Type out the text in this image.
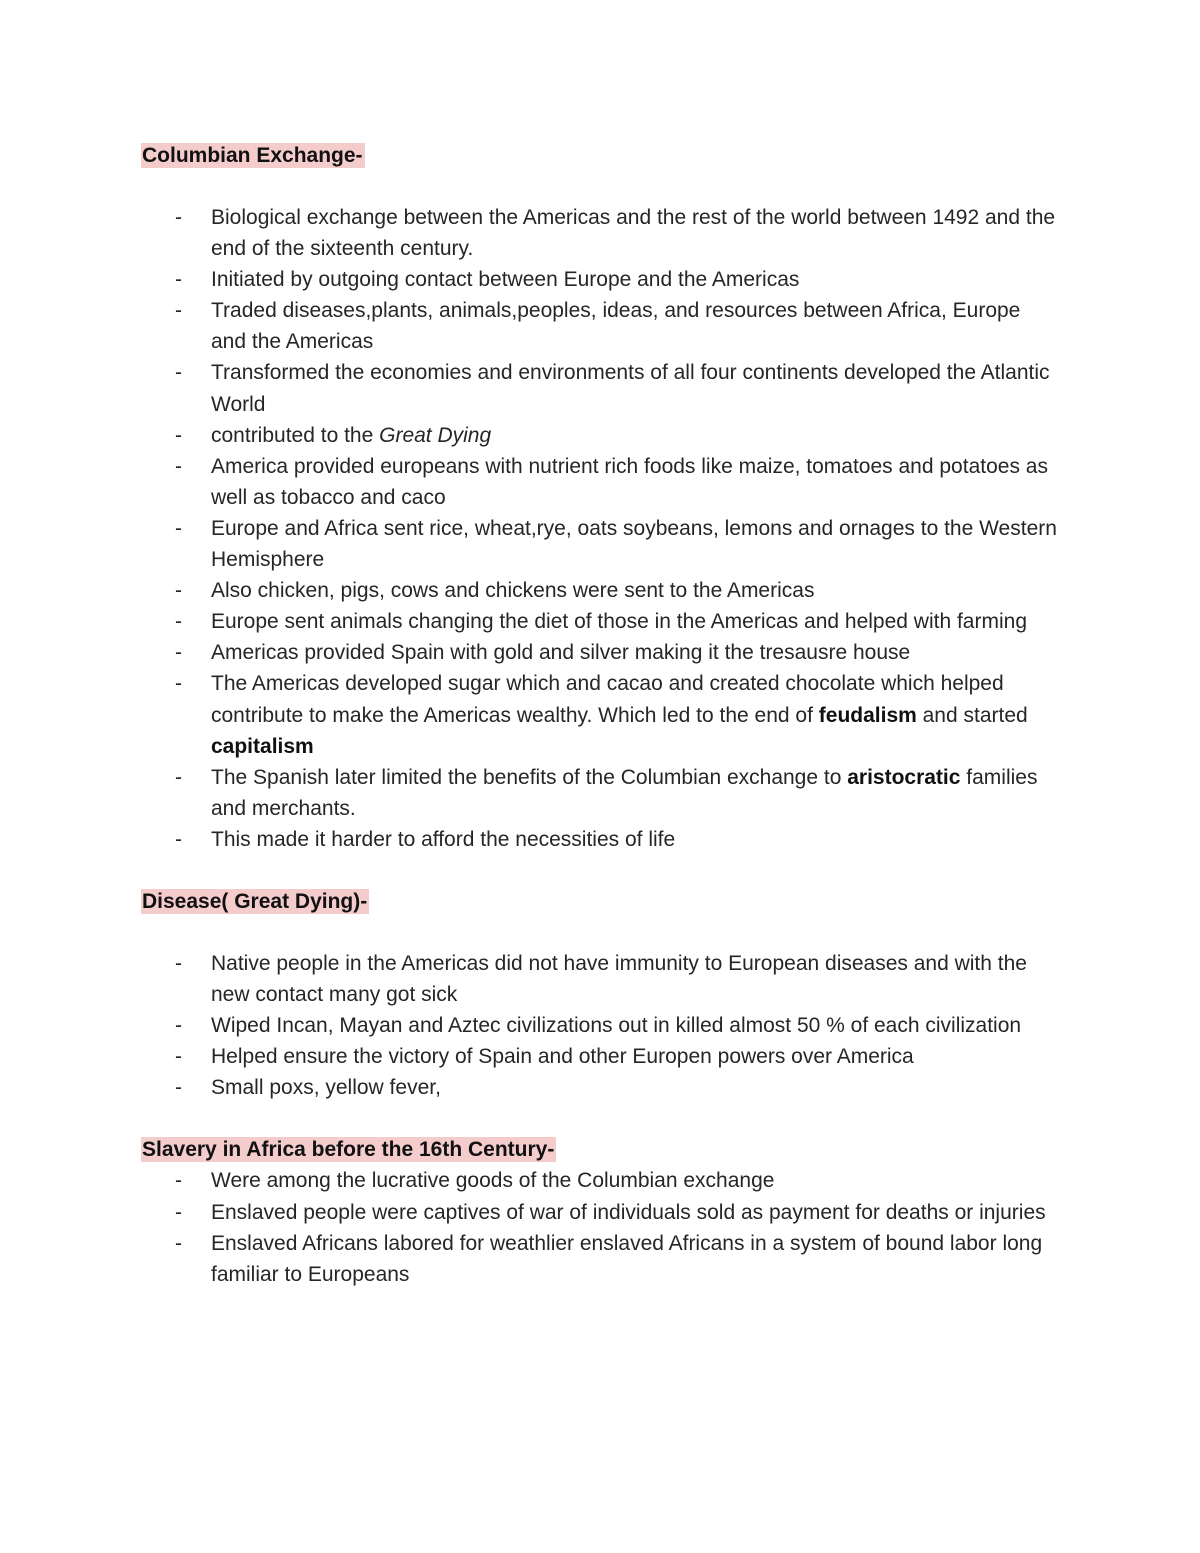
Columbian Exchange-
- Biological exchange between the Americas and the rest of the world between 1492 and the end of the sixteenth century.
- Initiated by outgoing contact between Europe and the Americas
- Traded diseases,plants, animals,peoples, ideas, and resources between Africa, Europe and the Americas
- Transformed the economies and environments of all four continents developed the Atlantic World
- contributed to the Great Dying
- America provided europeans with nutrient rich foods like maize, tomatoes and potatoes as well as tobacco and caco
- Europe and Africa sent rice, wheat,rye, oats soybeans, lemons and ornages to the Western Hemisphere
- Also chicken, pigs, cows and chickens were sent to the Americas
- Europe sent animals changing the diet of those in the Americas and helped with farming
- Americas provided Spain with gold and silver making it the tresausre house
- The Americas developed sugar which and cacao and created chocolate which helped contribute to make the Americas wealthy. Which led to the end of feudalism and started capitalism
- The Spanish later limited the benefits of the Columbian exchange to aristocratic families and merchants.
- This made it harder to afford the necessities of life
Disease( Great Dying)-
- Native people in the Americas did not have immunity to European diseases and with the new contact many got sick
- Wiped Incan, Mayan and Aztec civilizations out in killed almost 50 % of each civilization
- Helped ensure the victory of Spain and other Europen powers over America
- Small poxs, yellow fever,
Slavery in Africa before the 16th Century-
- Were among the lucrative goods of the Columbian exchange
- Enslaved people were captives of war of individuals sold as payment for deaths or injuries
- Enslaved Africans labored for weathlier enslaved Africans in a system of bound labor long familiar to Europeans
